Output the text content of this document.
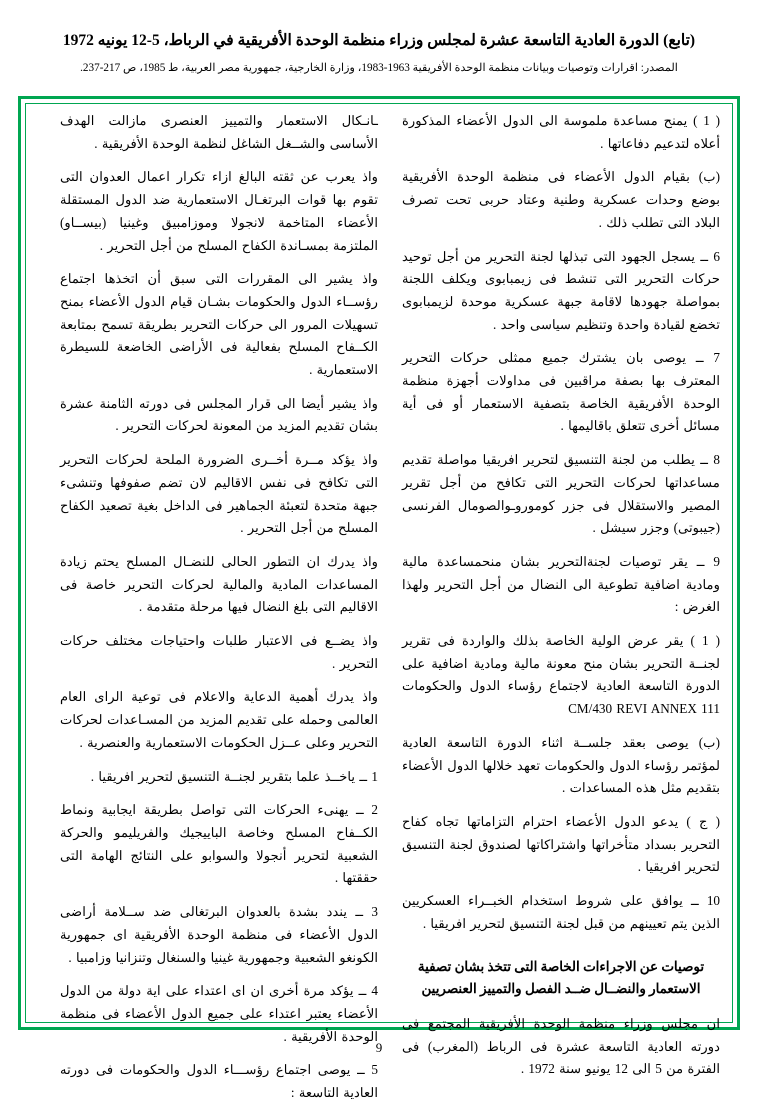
(تابع) الدورة العادية التاسعة عشرة لمجلس وزراء منظمة الوحدة الأفريقية في الرباط، 5-12 يونيه 1972
المصدر: اقرارات وتوصيات وبيانات منظمة الوحدة الأفريقية 1963-1983، وزارة الخارجية، جمهورية مصر العربية، ط 1985، ص 217-237.

( 1 ) يمنح مساعدة ملموسة الى الدول الأعضاء المذكورة أعلاه لتدعيم دفاعاتها .

(ب) بقيام الدول الأعضاء فى منظمة الوحدة الأفريقية بوضع وحدات عسكرية وطنية وعتاد حربى تحت تصرف البلاد التى تطلب ذلك .

6 ــ يسجل الجهود التى تبذلها لجنة التحرير من أجل توحيد حركات التحرير التى تنشط فى زيمبابوى ويكلف اللجنة بمواصلة جهودها لاقامة جبهة عسكرية موحدة لزيمبابوى تخضع لقيادة واحدة وتنظيم سياسى واحد .

7 ــ يوصى بان يشترك جميع ممثلى حركات التحرير المعترف بها بصفة مراقبين فى مداولات أجهزة منظمة الوحدة الأفريقية الخاصة بتصفية الاستعمار أو فى أية مسائل أخرى تتعلق باقاليمها .

8 ــ يطلب من لجنة التنسيق لتحرير افريقيا مواصلة تقديم مساعداتها لحركات التحرير التى تكافح من أجل تقرير المصير والاستقلال فى جزر كوموروـوالصومال الفرنسى (جيبوتى) وجزر سيشل .

9 ــ يقر توصيات لجنةالتحرير بشان منحمساعدة مالية ومادية اضافية تطوعية الى النضال من أجل التحرير ولهذا الغرض :

( 1 ) يقر عرض الولية الخاصة بذلك والواردة فى تقرير لجنــة التحرير بشان منح معونة مالية ومادية اضافية على الدورة التاسعة العادية لاجتماع رؤساء الدول والحكومات CM/430 REVI ANNEX 111

(ب) يوصى بعقد جلســة اثناء الدورة التاسعة العادية لمؤتمر رؤساء الدول والحكومات تعهد خلالها الدول الأعضاء بتقديم مثل هذه المساعدات .

( ج ) يدعو الدول الأعضاء احترام التزاماتها تجاه كفاح التحرير بسداد متأخراتها واشتراكاتها لصندوق لجنة التنسيق لتحرير افريقيا .

10 ــ يوافق على شروط استخدام الخبــراء العسكريين الذين يتم تعيينهم من قبل لجنة التنسيق لتحرير افريقيا .

توصيات عن الاجراءات الخاصة التى تتخذ بشان تصفية الاستعمار والنضــال ضــد الفصل والتمييز العنصريين

ان مجلس وزراء منظمة الوحدة الأفريقية المجتمع فى دورته العادية التاسعة عشرة فى الرباط (المغرب) فى الفترة من 5 الى 12 يونيو سنة 1972 .

ـانـكال الاستعمار والتمييز العنصرى مازالت الهدف الأساسى والشــغل الشاغل لنظمة الوحدة الأفريقية .

واذ يعرب عن ثقته البالغ ازاء تكرار اعمال العدوان التى تقوم بها قوات البرتغـال الاستعمارية ضد الدول المستقلة الأعضاء المتاخمة لانجولا وموزامبيق وغينيا (بيســاو) الملتزمة بمسـاندة الكفاح المسلح من أجل التحرير .

واذ يشير الى المقررات التى سبق أن اتخذها اجتماع رؤســاء الدول والحكومات بشـان قيام الدول الأعضاء بمنح تسهيلات المرور الى حركات التحرير بطريقة تسمح بمتابعة الكــفاح المسلح بفعالية فى الأراضى الخاضعة للسيطرة الاستعمارية .

واذ يشير أيضا الى قرار المجلس فى دورته الثامنة عشرة بشان تقديم المزيد من المعونة لحركات التحرير .

واذ يؤكد مــرة أخــرى الضرورة الملحة لحركات التحرير التى تكافح فى نفس الاقاليم لان تضم صفوفها وتنشىء جبهة متحدة لتعبئة الجماهير فى الداخل بغية تصعيد الكفاح المسلح من أجل التحرير .

واذ يدرك ان التطور الحالى للنضـال المسلح يحتم زيادة المساعدات المادية والمالية لحركات التحرير خاصة فى الاقاليم التى بلغ النضال فيها مرحلة متقدمة .

واذ يضــع فى الاعتبار طلبات واحتياجات مختلف حركات التحرير .

واذ يدرك أهمية الدعاية والاعلام فى توعية الراى العام العالمى وحمله على تقديم المزيد من المسـاعدات لحركات التحرير وعلى عــزل الحكومات الاستعمارية والعنصرية .

1 ــ ياخــذ علما بتقرير لجنــة التنسيق لتحرير افريقيا .

2 ــ يهنىء الحركات التى تواصل بطريقة ايجابية ونماط الكــفاح المسلح وخاصة الباييجيك والفريليمو والحركة الشعبية لتحرير أنجولا والسوابو على النتائج الهامة التى حققتها .

3 ــ يندد بشدة بالعدوان البرتغالى ضد ســلامة أراضى الدول الأعضاء فى منظمة الوحدة الأفريقية اى جمهورية الكونغو الشعبية وجمهورية غينيا والسنغال وتنزانيا وزامبيا .

4 ــ يؤكد مرة أخرى ان اى اعتداء على اية دولة من الدول الأعضاء يعتبر اعتداء على جميع الدول الأعضاء فى منظمة الوحدة الأفريقية .

5 ــ يوصى اجتماع رؤســـاء الدول والحكومات فى دورته العادية التاسعة :

9
